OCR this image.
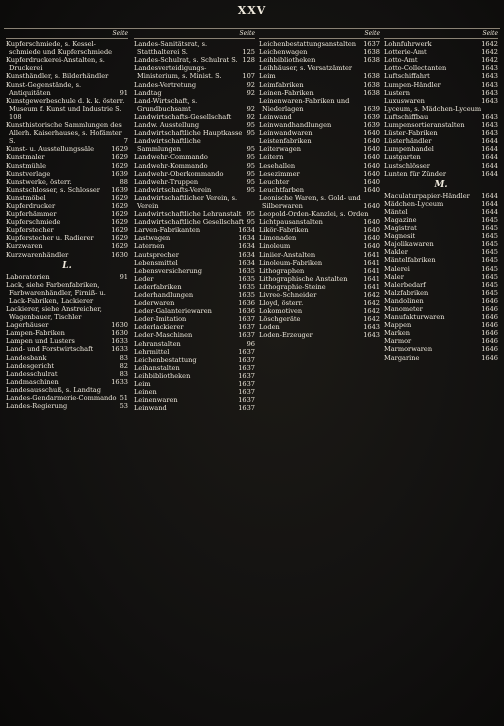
XXV
Seite
Kupferschmiede, s. Kessel-schmiede und Kupferschmiede
Kupferdruckerei-Anstalten, s. Druckerei
Kunsthändler, s. Bilderhändler
Kunst-Gegenstände, s. Antiquitäten	91
Kunstgewerbeschule d. k. k. österr. Museum f. Kunst und Industrie S. 108
Kunsthistorische Sammlungen des Allerh. Kaiserhauses, s. Hofämter S.	7
Kunst- u. Ausstellungssäle	1629
Kunstmaler	1629
Kunstmühle	1629
Kunstverlage	1639
Kunstwerke, österr.	88
Kunstschlosser, s. Schlosser	1639
Kunstmöbel	1629
Kupferdrucker	1629
Kupferhämmer	1629
Kupferschmiede	1629
Kupferstecher	1629
Kupferstecher u. Radierer	1629
Kurzwaren	1629
Kurzwarenhändler	1630
L.
Laboratorien	91
Lack, siehe Farbenfabriken, Farbwarenhändler, Firniß- u. Lack-Fabriken, Lackierer
Lackierer, siehe Anstreicher, Wagenbauer, Tischler
Lagerhäuser	1630
Lampen-Fabriken	1630
Lampen und Lusters	1633
Land- und Forstwirtschaft	1633
Landesbank	83
Landesgericht	82
Landesschulrat	83
Landmaschinen	1633
Landesausschuß, s. Landtag
Landes-Gendarmerie-Commando 51
Landes-Regierung	53
Seite
Landes-Sanitätsrat, s. Statthalterei S.	125
Landes-Schulrat, s. Schulrat S. 128
Landesverteidigungs-Ministerium, s. Minist. S.	107
Landes-Vertretung	92
Landtag	92
Land-Wirtschaft, s. Grundbuchsamt	92
Landwirtschafts-Gesellschaft	92
Landw. Ausstellung	95
Landwirtschaftliche Hauptkasse 95
Landwirtschaftliche Sammlungen	95
Landwehr-Commando	95
Landwehr-Kommando	95
Landwehr-Oberkommando	95
Landwehr-Truppen	95
Landwirtschafts-Verein	95
Landwirtschaftlicher Verein, s. Verein
Landwirtschaftliche Lehranstalt 95
Landwirtschaftliche Gesellschaft 95
Larven-Fabrikanten	1634
Lastwagen	1634
Laternen	1634
Lautsprecher	1634
Lebensmittel	1634
Lebensversicherung	1635
Leder	1635
Lederfabriken	1635
Lederhandlungen	1635
Lederwaren	1636
Leder-Galanteriewaren	1636
Leder-Imitation	1637
Lederlackierer	1637
Leder-Maschinen	1637
Lehranstalten	96
Lehrmittel	1637
Leichenbestattung	1637
Leihanstalten	1637
Leihbibliotheken	1637
Leim	1637
Leinen	1637
Leinenwaren	1637
Leinwand	1637
Seite
Leichenbestattungsanstalten	1637
Leichenwagen	1638
Leihbibliotheken	1638
Leihhäuser, s. Versatzämter
Leim	1638
Leimfabriken	1638
Leinen-Fabriken	1638
Leinenwaren-Fabriken und Niederlagen	1639
Leinwand	1639
Leinwandhandlungen	1639
Leinwandwaren	1640
Leistenfabriken	1640
Leiterwagen	1640
Leitern	1640
Lesehallen	1640
Lesezimmer	1640
Leuchter	1640
Leuchtfarben	1640
Leonische Waren, s. Gold- und Silberwaren	1640
Leopold-Orden-Kanzlei, s. Orden
Lichtpausanstalten	1640
Likör-Fabriken	1640
Limonaden	1640
Linoleum	1640
Liniier-Anstalten	1641
Linoleum-Fabriken	1641
Lithographen	1641
Lithographische Anstalten	1641
Lithographie-Steine	1641
Livree-Schneider	1642
Lloyd, österr.	1642
Lokomotiven	1642
Löschgeräte	1642
Loden	1643
Loden-Erzeuger	1643
Seite
Lohnfuhrwerk	1642
Lotterie-Amt	1642
Lotto-Amt	1642
Lotto-Collectanten	1643
Luftschiffahrt	1643
Lumpen-Händler	1643
Lustern	1643
Luxuswaren	1643
Lyceum, s. Mädchen-Lyceum
Luftschiffbau	1643
Lumpensortieranstalten	1643
Lüster-Fabriken	1643
Lüsterhändler	1644
Lumpenhandel	1644
Lustgarten	1644
Lustschlösser	1644
Lunten für Zünder	1644
M.
Maculaturpapier-Händler	1644
Mädchen-Lyceum	1644
Mäntel	1644
Magazine	1645
Magistrat	1645
Magnesit	1645
Majolikawaren	1645
Makler	1645
Mäntelfabriken	1645
Malerei	1645
Maler	1645
Malerbedarf	1645
Malzfabriken	1645
Mandolinen	1646
Manometer	1646
Manufakturwaren	1646
Mappen	1646
Marken	1646
Marmor	1646
Marmorwaren	1646
Margarine	1646
